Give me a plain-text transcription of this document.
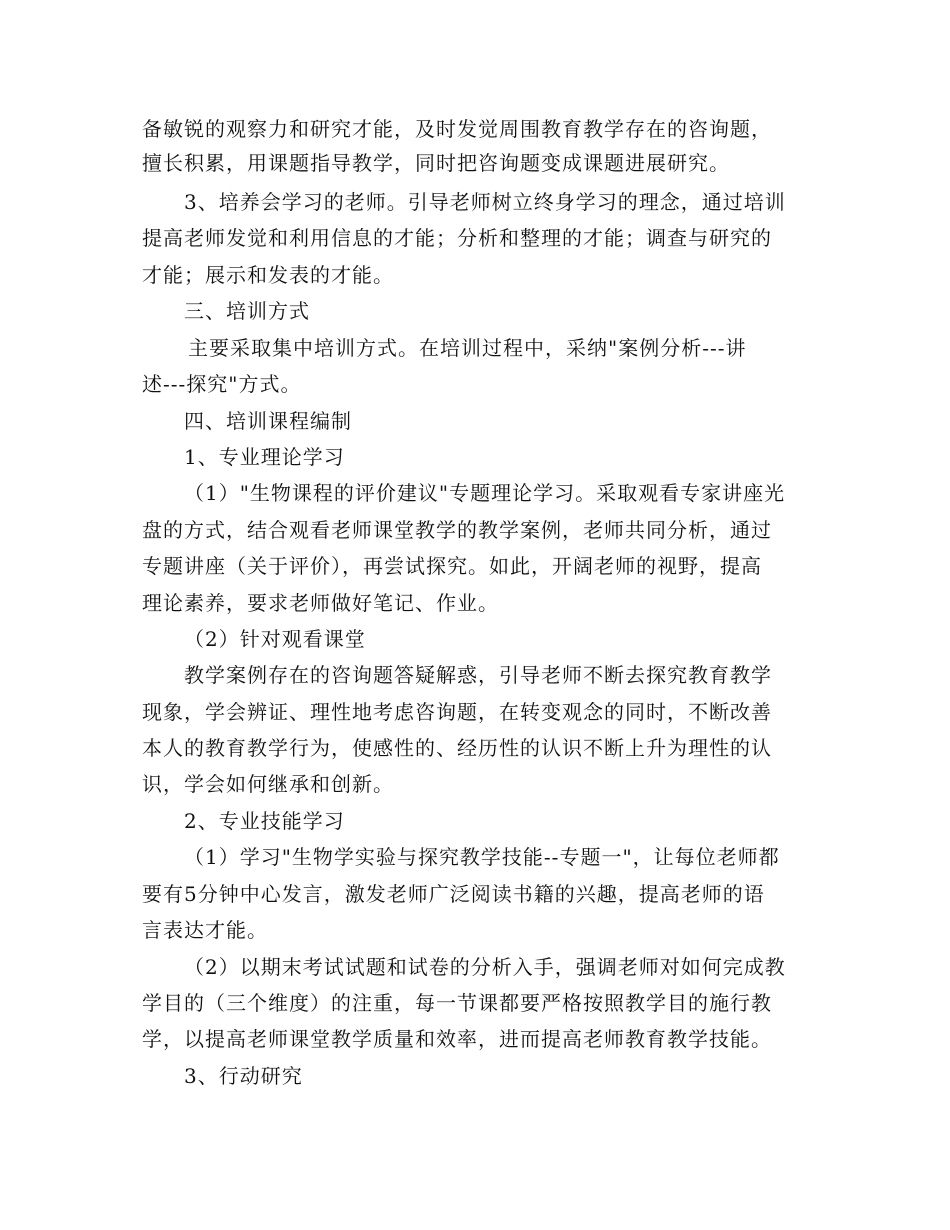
备敏锐的观察力和研究才能，及时发觉周围教育教学存在的咨询题，
擅长积累，用课题指导教学，同时把咨询题变成课题进展研究。
3、培养会学习的老师。引导老师树立终身学习的理念，通过培训
提高老师发觉和利用信息的才能；分析和整理的才能；调查与研究的
才能；展示和发表的才能。
三、培训方式
主要采取集中培训方式。在培训过程中，采纳"案例分析---讲
述---探究"方式。
四、培训课程编制
1、专业理论学习
（1）"生物课程的评价建议"专题理论学习。采取观看专家讲座光
盘的方式，结合观看老师课堂教学的教学案例，老师共同分析，通过
专题讲座（关于评价），再尝试探究。如此，开阔老师的视野，提高
理论素养，要求老师做好笔记、作业。
（2）针对观看课堂
教学案例存在的咨询题答疑解惑，引导老师不断去探究教育教学
现象，学会辨证、理性地考虑咨询题，在转变观念的同时，不断改善
本人的教育教学行为，使感性的、经历性的认识不断上升为理性的认
识，学会如何继承和创新。
2、专业技能学习
（1）学习"生物学实验与探究教学技能--专题一"，让每位老师都
要有5分钟中心发言，激发老师广泛阅读书籍的兴趣，提高老师的语
言表达才能。
（2）以期末考试试题和试卷的分析入手，强调老师对如何完成教
学目的（三个维度）的注重，每一节课都要严格按照教学目的施行教
学，以提高老师课堂教学质量和效率，进而提高老师教育教学技能。
3、行动研究
